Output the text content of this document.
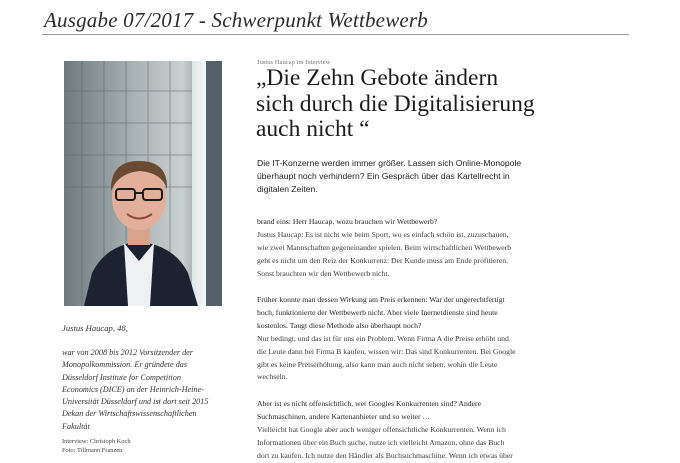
Ausgabe 07/2017 - Schwerpunkt Wettbewerb
Justus Haucap, 48,
war von 2008 bis 2012 Vorsitzender der
Monopolkommission. Er gründete das
Düsseldorf Institute for Competition
Economics (DICE) an der Heinrich-Heine-
Universität Düsseldorf und ist dort seit 2015
Dekan der Wirtschaftswissenschaftlichen
Fakultät
Interview: Christoph Koch
Foto: Tillmann Franzen
Justus Haucap im Interview
„Die Zehn Gebote ändern
sich durch die Digitalisierung
auch nicht “
Die IT-Konzerne werden immer größer. Lassen sich Online-Monopole
überhaupt noch verhindern? Ein Gespräch über das Kartellrecht in
digitalen Zeiten.
brand eins: Herr Haucap, wozu brauchen wir Wettbewerb?
Justus Haucap: Es ist nicht wie beim Sport, wo es einfach schön ist, zuzuschauen,
wie zwei Mannschaften gegeneinander spielen. Beim wirtschaftlichen Wettbewerb
geht es nicht um den Reiz der Konkurrenz: Der Kunde muss am Ende profitieren.
Sonst brauchten wir den Wettbewerb nicht.
Früher konnte man dessen Wirkung am Preis erkennen: War der ungerechtfertigt
hoch, funktionierte der Wettbewerb nicht. Aber viele Inernetdienste sind heute
kostenlos. Taugt diese Methode also überhaupt noch?
Nur bedingt, und das ist für uns ein Problem. Wenn Firma A die Preise erhöht und
die Leute dann bei Firma B kaufen, wissen wir: Das sind Konkurrenten. Bei Google
gibt es keine Preiserhöhung, also kann man auch nicht sehen, wohin die Leute
wechseln.
Aber ist es nicht offensichtlich, wer Googles Konkurrenten sind? Andere
Suchmaschinen, andere Kartenanbieter und so weiter …
Vielleicht hat Google aber auch weniger offensichtliche Konkurrenten. Wenn ich
Informationen über ein Buch suche, nutze ich vielleicht Amazon, ohne das Buch
dort zu kaufen. Ich nutze den Händler als Buchsuchmaschine. Wenn ich etwas über
